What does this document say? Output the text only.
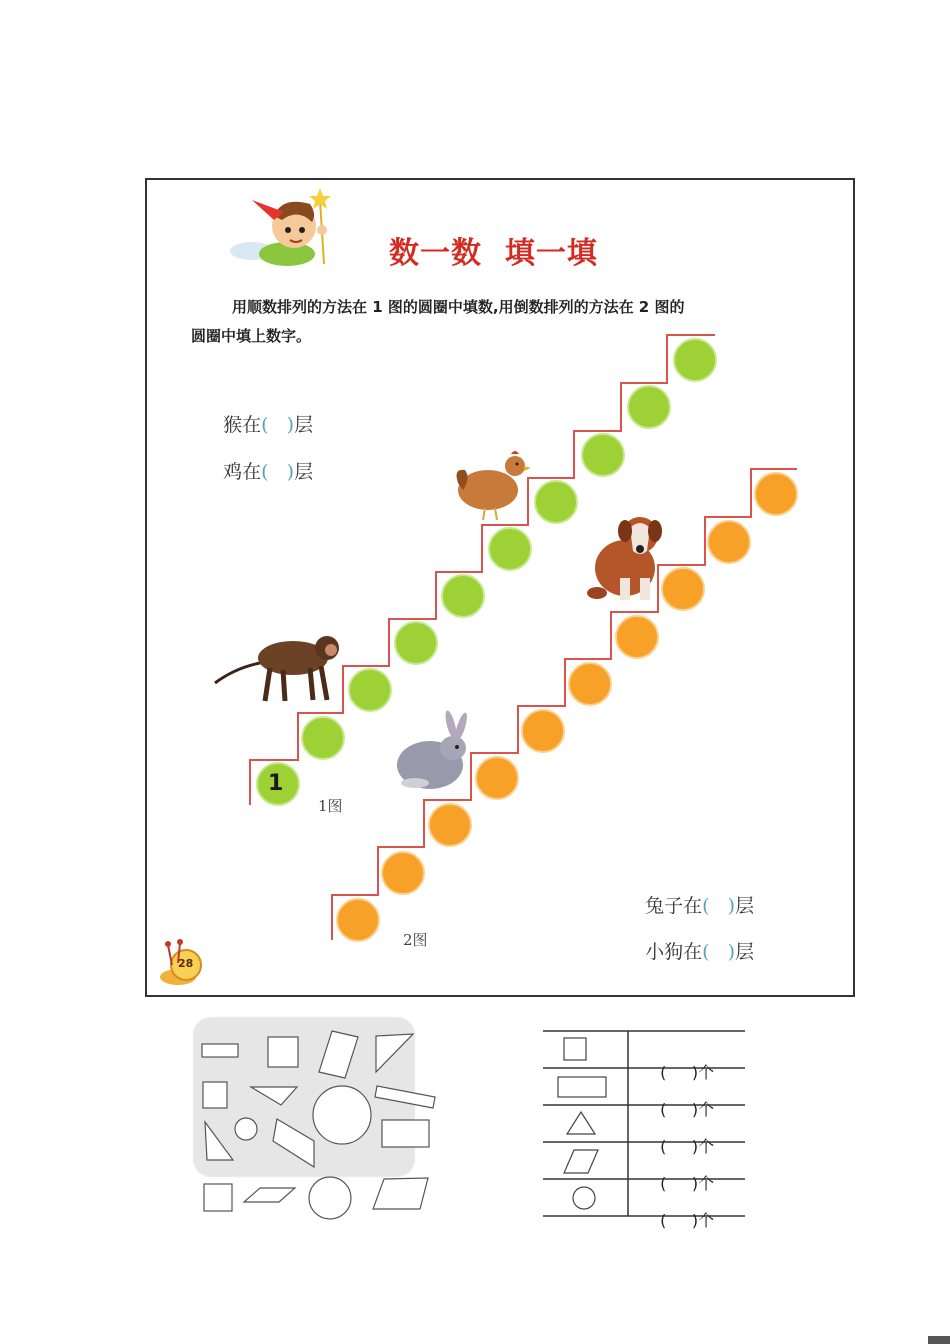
数一数  填一填
用顺数排列的方法在 1 图的圆圈中填数,用倒数排列的方法在 2 图的
圆圈中填上数字。

猴在( )层

鸡在( )层

1
1图
2图

兔子在( )层

小狗在( )层

28

( )个

( )个

( )个

( )个

( )个
